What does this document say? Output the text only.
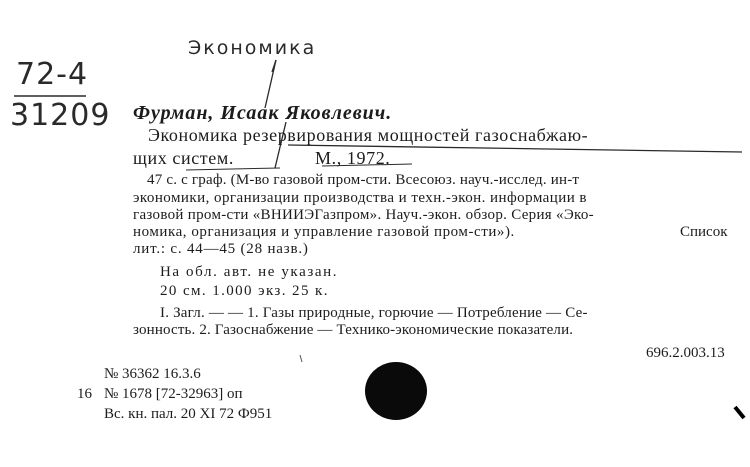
Экономика
72-4
31209 Фурман, Исаак Яковлевич.
Экономика резервирования мощностей газоснабжаю-
щих систем.	М., 1972.
47 с. с граф. (М-во газовой пром-сти. Всесоюз. науч.-исслед. ин-т
экономики, организации производства и техн.-экон. информации в
газовой пром-сти «ВНИИЭГазпром». Науч.-экон. обзор. Серия «Эко-
номика, организация и управление газовой пром-сти»).	Список
лит.: с. 44—45 (28 назв.)
На обл. авт. не указан.
20 см. 1.000 экз. 25 к.
I. Загл. — — 1. Газы природные, горючие — Потребление — Се-
зонность. 2. Газоснабжение — Технико-экономические показатели.
696.2.003.13
№ 36362 16.3.6
16 № 1678 [72-32963] оп
Вс. кн. пал. 20 XI 72 Ф951
